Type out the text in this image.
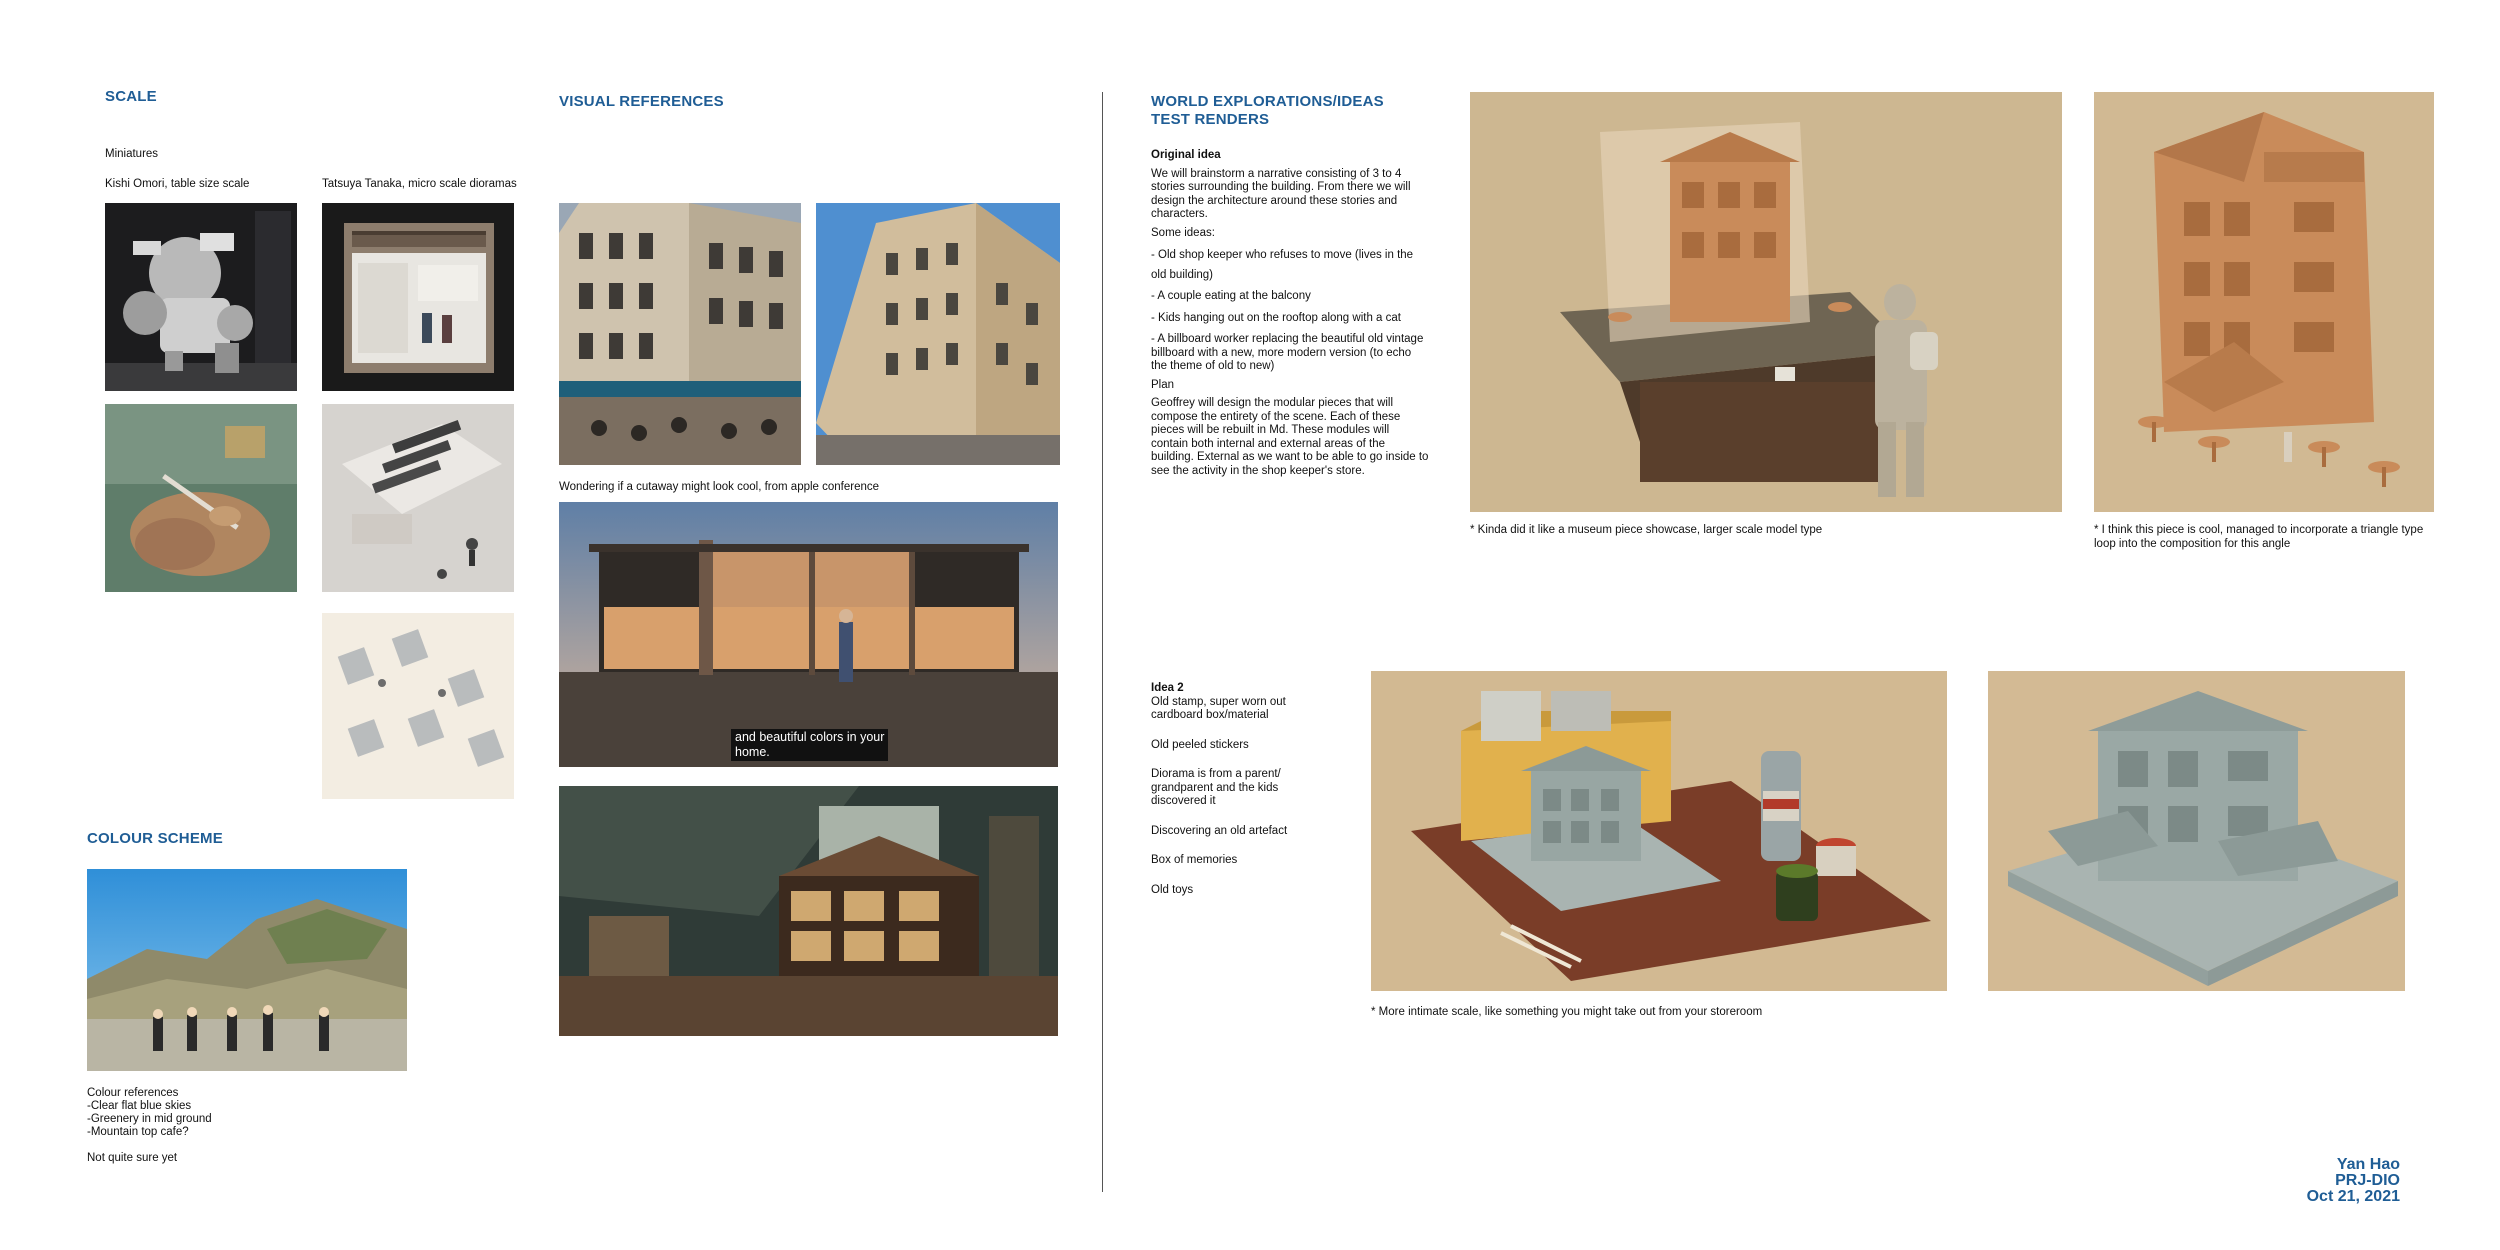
SCALE
Miniatures
Kishi Omori, table size scale	Tatsuya Tanaka, micro scale dioramas
COLOUR SCHEME
Colour references
-Clear flat blue skies
-Greenery in mid ground
-Mountain top cafe?
Not quite sure yet
VISUAL REFERENCES
Wondering if a cutaway might look cool, from apple conference
and beautiful colors in your
home.
WORLD EXPLORATIONS/IDEAS
TEST RENDERS

Original idea

We will brainstorm a narrative consisting of 3 to 4 stories surrounding the building. From there we will design the architecture around these stories and characters.

Some ideas:

- Old shop keeper who refuses to move (lives in the old building)

- A couple eating at the balcony

- Kids hanging out on the rooftop along with a cat

- A billboard worker replacing the beautiful old vintage billboard with a new, more modern version (to echo the theme of old to new)

Plan

Geoffrey will design the modular pieces that will compose the entirety of the scene. Each of these pieces will be rebuilt in Md. These modules will contain both internal and external areas of the building. External as we want to be able to go inside to see the activity in the shop keeper's store.

* Kinda did it like a museum piece showcase, larger scale model type	* I think this piece is cool, managed to incorporate a triangle type loop into the composition for this angle

Idea 2

Old stamp, super worn out cardboard box/material

Old peeled stickers

Diorama is from a parent/ grandparent and the kids discovered it

Discovering an old artefact

Box of memories

Old toys

* More intimate scale, like something you might take out from your storeroom
Yan Hao
PRJ-DIO
Oct 21, 2021
